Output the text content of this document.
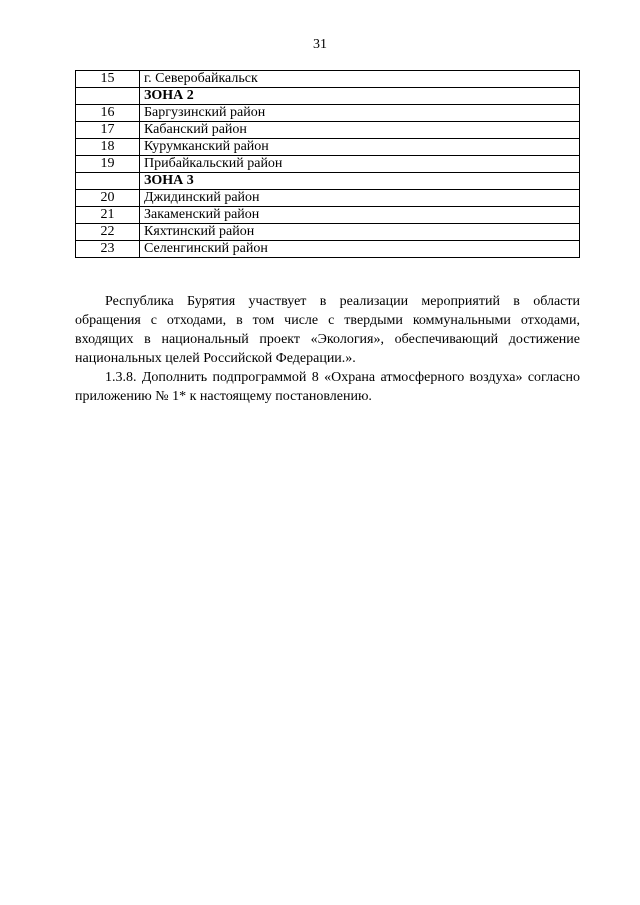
31
15	г. Северобайкальск
	ЗОНА 2
16	Баргузинский район
17	Кабанский район
18	Курумканский район
19	Прибайкальский район
	ЗОНА 3
20	Джидинский район
21	Закаменский район
22	Кяхтинский район
23	Селенгинский район

Республика Бурятия участвует в реализации мероприятий в области обращения с отходами, в том числе с твердыми коммунальными отходами, входящих в национальный проект «Экология», обеспечивающий достижение национальных целей Российской Федерации.».

1.3.8. Дополнить подпрограммой 8 «Охрана атмосферного воздуха» согласно приложению № 1* к настоящему постановлению.
